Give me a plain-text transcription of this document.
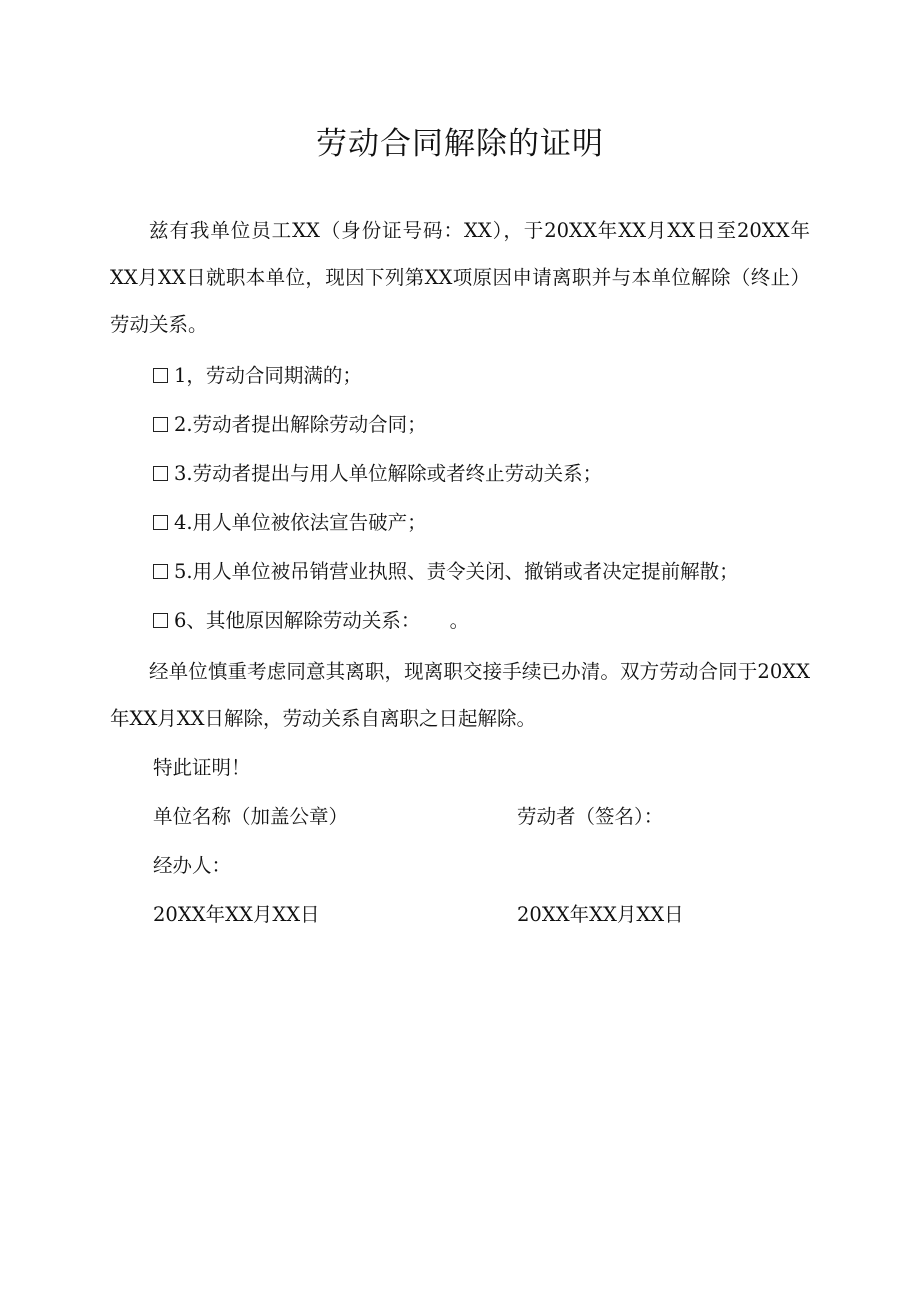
劳动合同解除的证明

兹有我单位员工XX（身份证号码：XX），于20XX年XX月XX日至20XX年XX月XX日就职本单位，现因下列第XX项原因申请离职并与本单位解除（终止）劳动关系。

1，劳动合同期满的；
2.劳动者提出解除劳动合同；
3.劳动者提出与用人单位解除或者终止劳动关系；
4.用人单位被依法宣告破产；
5.用人单位被吊销营业执照、责令关闭、撤销或者决定提前解散；
6、其他原因解除劳动关系：　　。

经单位慎重考虑同意其离职，现离职交接手续已办清。双方劳动合同于20XX年XX月XX日解除，劳动关系自离职之日起解除。

特此证明！
单位名称（加盖公章）	劳动者（签名）：
经办人：
20XX年XX月XX日	20XX年XX月XX日
